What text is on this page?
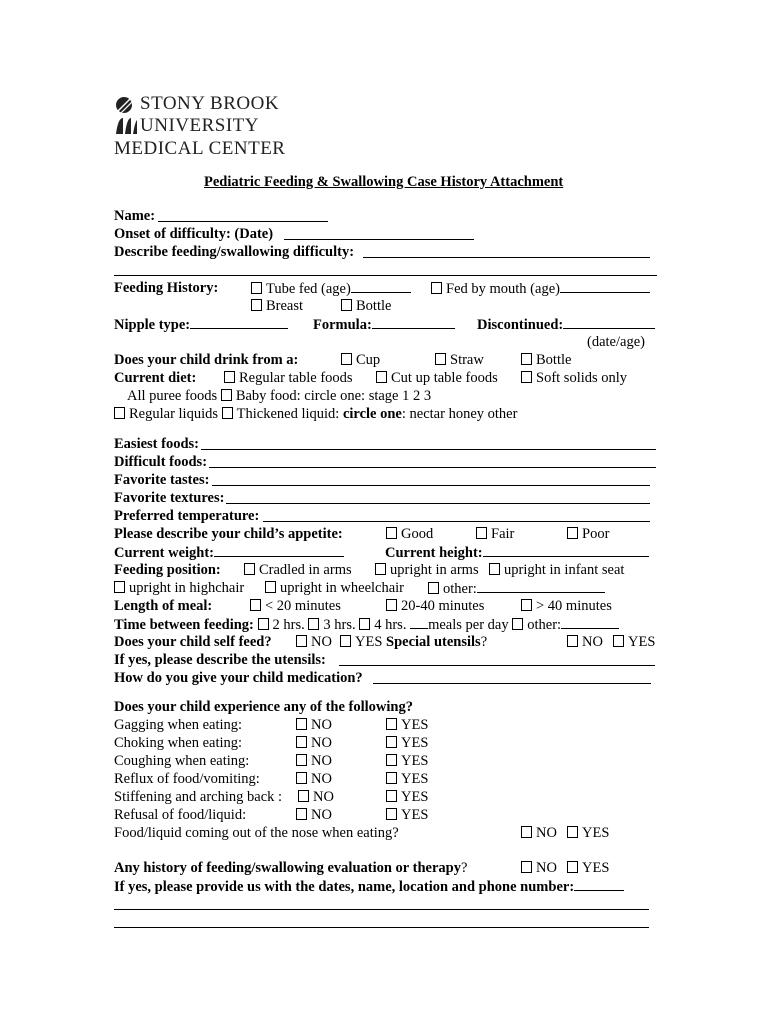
STONY BROOK
UNIVERSITY
MEDICAL CENTER
Pediatric Feeding & Swallowing Case History Attachment
Name:
Onset of difficulty: (Date)
Describe feeding/swallowing difficulty:
Feeding History:	Tube fed (age)	Fed by mouth (age)
Breast	Bottle
Nipple type:	Formula:	Discontinued:
(date/age)
Does your child drink from a:	Cup	Straw	Bottle
Current diet:	Regular table foods	Cut up table foods	Soft solids only
All puree foods Baby food: circle one: stage 1 2 3
Regular liquids Thickened liquid: circle one: nectar honey other
Easiest foods:
Difficult foods:
Favorite tastes:
Favorite textures:
Preferred temperature:
Please describe your child’s appetite:	Good	Fair	Poor
Current weight:	Current height:
Feeding position:	Cradled in arms	upright in arms	upright in infant seat
upright in highchair	upright in wheelchair	other:
Length of meal:	< 20 minutes	20-40 minutes	> 40 minutes
Time between feeding: 2 hrs. 3 hrs. 4 hrs. meals per day other:
Does your child self feed?	NO	YES Special utensils?	NO	YES
If yes, please describe the utensils:
How do you give your child medication?
Does your child experience any of the following?
Gagging when eating:	NO	YES
Choking when eating:	NO	YES
Coughing when eating:	NO	YES
Reflux of food/vomiting:	NO	YES
Stiffening and arching back :	NO	YES
Refusal of food/liquid:	NO	YES
Food/liquid coming out of the nose when eating?	NO	YES
Any history of feeding/swallowing evaluation or therapy?	NO	YES
If yes, please provide us with the dates, name, location and phone number:
